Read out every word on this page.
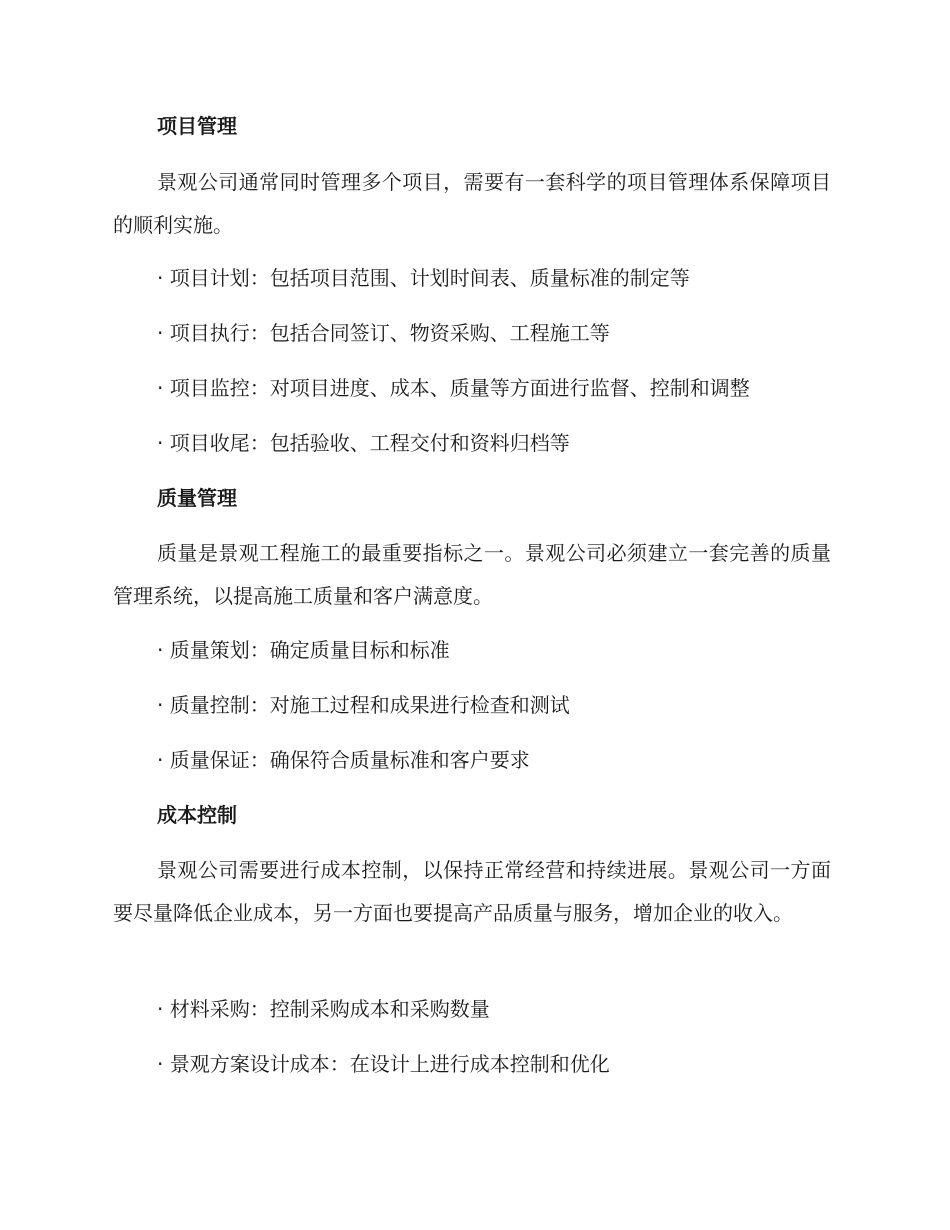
项目管理
景观公司通常同时管理多个项目，需要有一套科学的项目管理体系保障项目的顺利实施。
· 项目计划：包括项目范围、计划时间表、质量标准的制定等
· 项目执行：包括合同签订、物资采购、工程施工等
· 项目监控：对项目进度、成本、质量等方面进行监督、控制和调整
· 项目收尾：包括验收、工程交付和资料归档等
质量管理
质量是景观工程施工的最重要指标之一。景观公司必须建立一套完善的质量管理系统，以提高施工质量和客户满意度。
· 质量策划：确定质量目标和标准
· 质量控制：对施工过程和成果进行检查和测试
· 质量保证：确保符合质量标准和客户要求
成本控制
景观公司需要进行成本控制，以保持正常经营和持续进展。景观公司一方面要尽量降低企业成本，另一方面也要提高产品质量与服务，增加企业的收入。
· 材料采购：控制采购成本和采购数量
· 景观方案设计成本：在设计上进行成本控制和优化
